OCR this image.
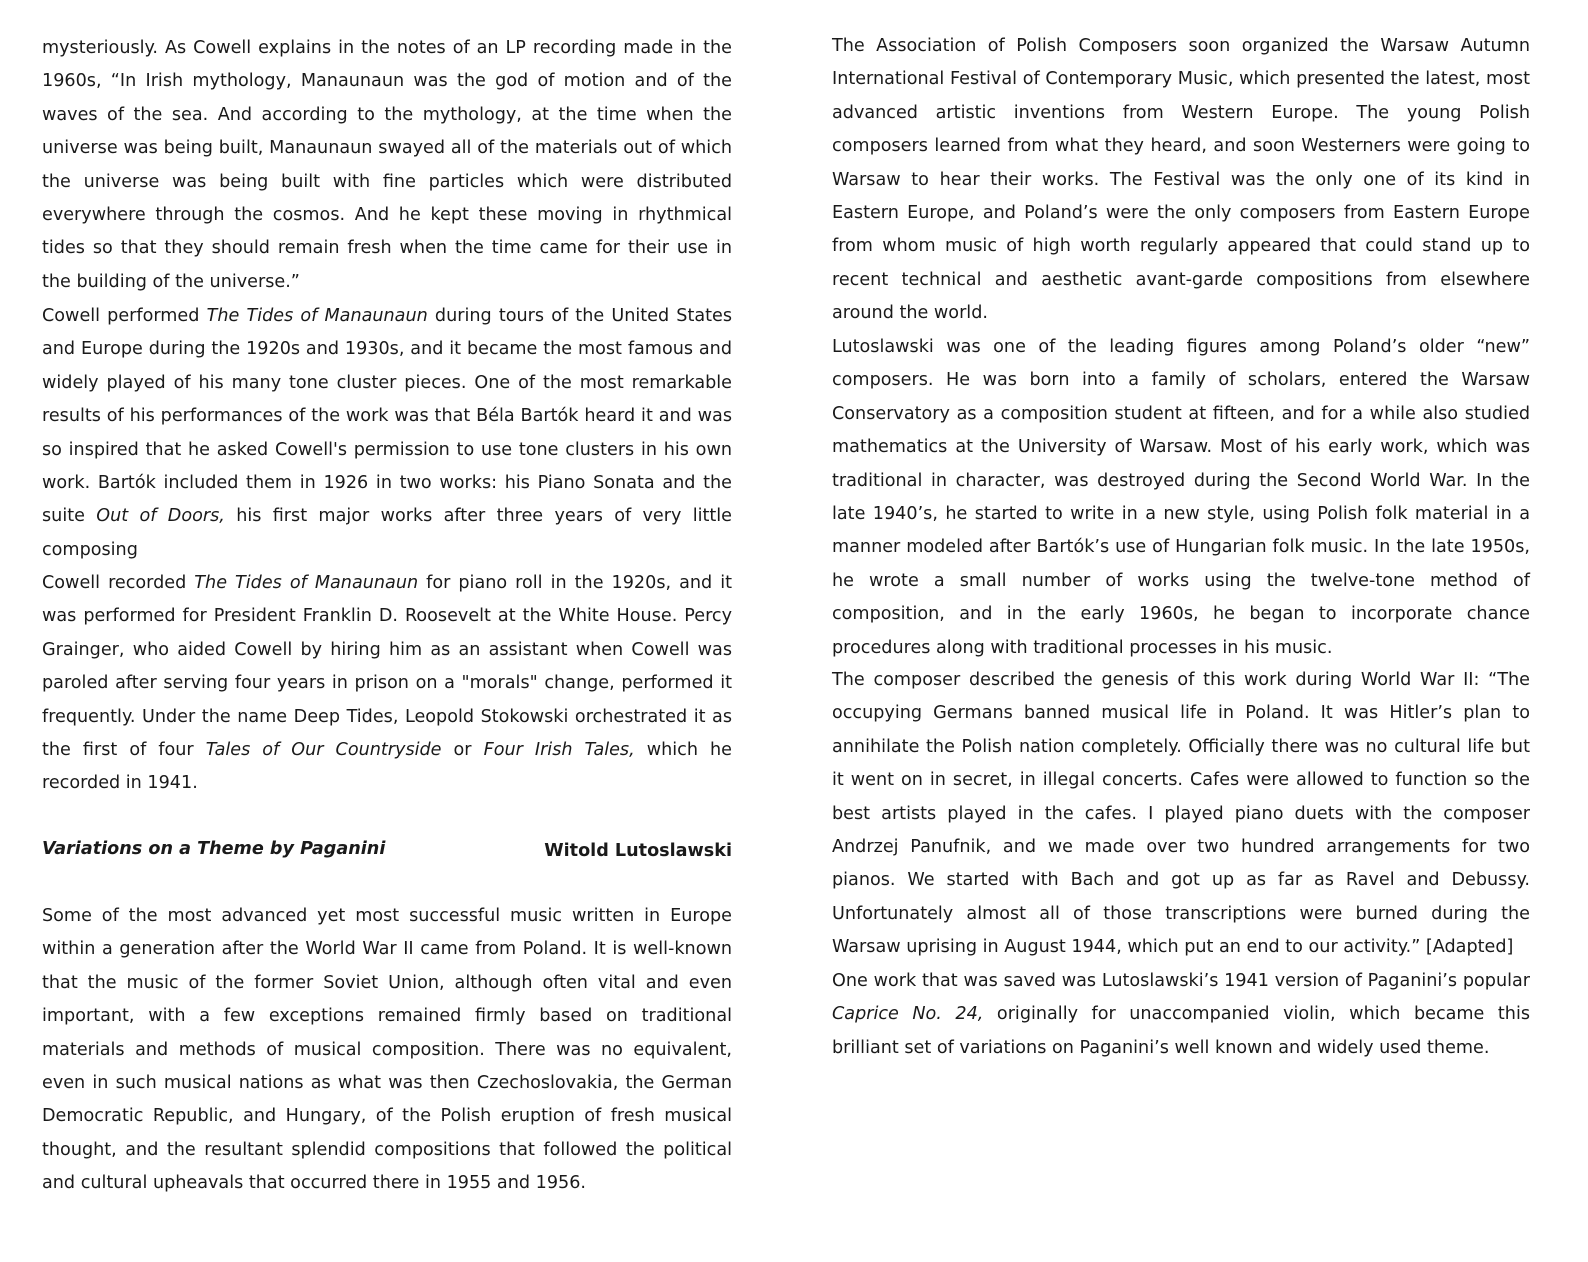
mysteriously. As Cowell explains in the notes of an LP recording made in the 1960s, “In Irish mythology, Manaunaun was the god of motion and of the waves of the sea. And according to the mythology, at the time when the universe was being built, Manaunaun swayed all of the materials out of which the universe was being built with fine particles which were distributed everywhere through the cosmos. And he kept these moving in rhythmical tides so that they should remain fresh when the time came for their use in the building of the universe.”

Cowell performed The Tides of Manaunaun during tours of the United States and Europe during the 1920s and 1930s, and it became the most famous and widely played of his many tone cluster pieces. One of the most remarkable results of his performances of the work was that Béla Bartók heard it and was so inspired that he asked Cowell's permission to use tone clusters in his own work. Bartók included them in 1926 in two works: his Piano Sonata and the suite Out of Doors, his first major works after three years of very little composing

Cowell recorded The Tides of Manaunaun for piano roll in the 1920s, and it was performed for President Franklin D. Roosevelt at the White House. Percy Grainger, who aided Cowell by hiring him as an assistant when Cowell was paroled after serving four years in prison on a "morals" change, performed it frequently. Under the name Deep Tides, Leopold Stokowski orchestrated it as the first of four Tales of Our Countryside or Four Irish Tales, which he recorded in 1941.

Variations on a Theme by Paganini	Witold Lutoslawski

Some of the most advanced yet most successful music written in Europe within a generation after the World War II came from Poland. It is well-known that the music of the former Soviet Union, although often vital and even important, with a few exceptions remained firmly based on traditional materials and methods of musical composition. There was no equivalent, even in such musical nations as what was then Czechoslovakia, the German Democratic Republic, and Hungary, of the Polish eruption of fresh musical thought, and the resultant splendid compositions that followed the political and cultural upheavals that occurred there in 1955 and 1956.

The Association of Polish Composers soon organized the Warsaw Autumn International Festival of Contemporary Music, which presented the latest, most advanced artistic inventions from Western Europe. The young Polish composers learned from what they heard, and soon Westerners were going to Warsaw to hear their works. The Festival was the only one of its kind in Eastern Europe, and Poland’s were the only composers from Eastern Europe from whom music of high worth regularly appeared that could stand up to recent technical and aesthetic avant-garde compositions from elsewhere around the world.

Lutoslawski was one of the leading figures among Poland’s older “new” composers. He was born into a family of scholars, entered the Warsaw Conservatory as a composition student at fifteen, and for a while also studied mathematics at the University of Warsaw. Most of his early work, which was traditional in character, was destroyed during the Second World War. In the late 1940’s, he started to write in a new style, using Polish folk material in a manner modeled after Bartók’s use of Hungarian folk music. In the late 1950s, he wrote a small number of works using the twelve-tone method of composition, and in the early 1960s, he began to incorporate chance procedures along with traditional processes in his music.

The composer described the genesis of this work during World War II: “The occupying Germans banned musical life in Poland. It was Hitler’s plan to annihilate the Polish nation completely. Officially there was no cultural life but it went on in secret, in illegal concerts. Cafes were allowed to function so the best artists played in the cafes. I played piano duets with the composer Andrzej Panufnik, and we made over two hundred arrangements for two pianos. We started with Bach and got up as far as Ravel and Debussy. Unfortunately almost all of those transcriptions were burned during the Warsaw uprising in August 1944, which put an end to our activity.” [Adapted]

One work that was saved was Lutoslawski’s 1941 version of Paganini’s popular Caprice No. 24, originally for unaccompanied violin, which became this brilliant set of variations on Paganini’s well known and widely used theme.
